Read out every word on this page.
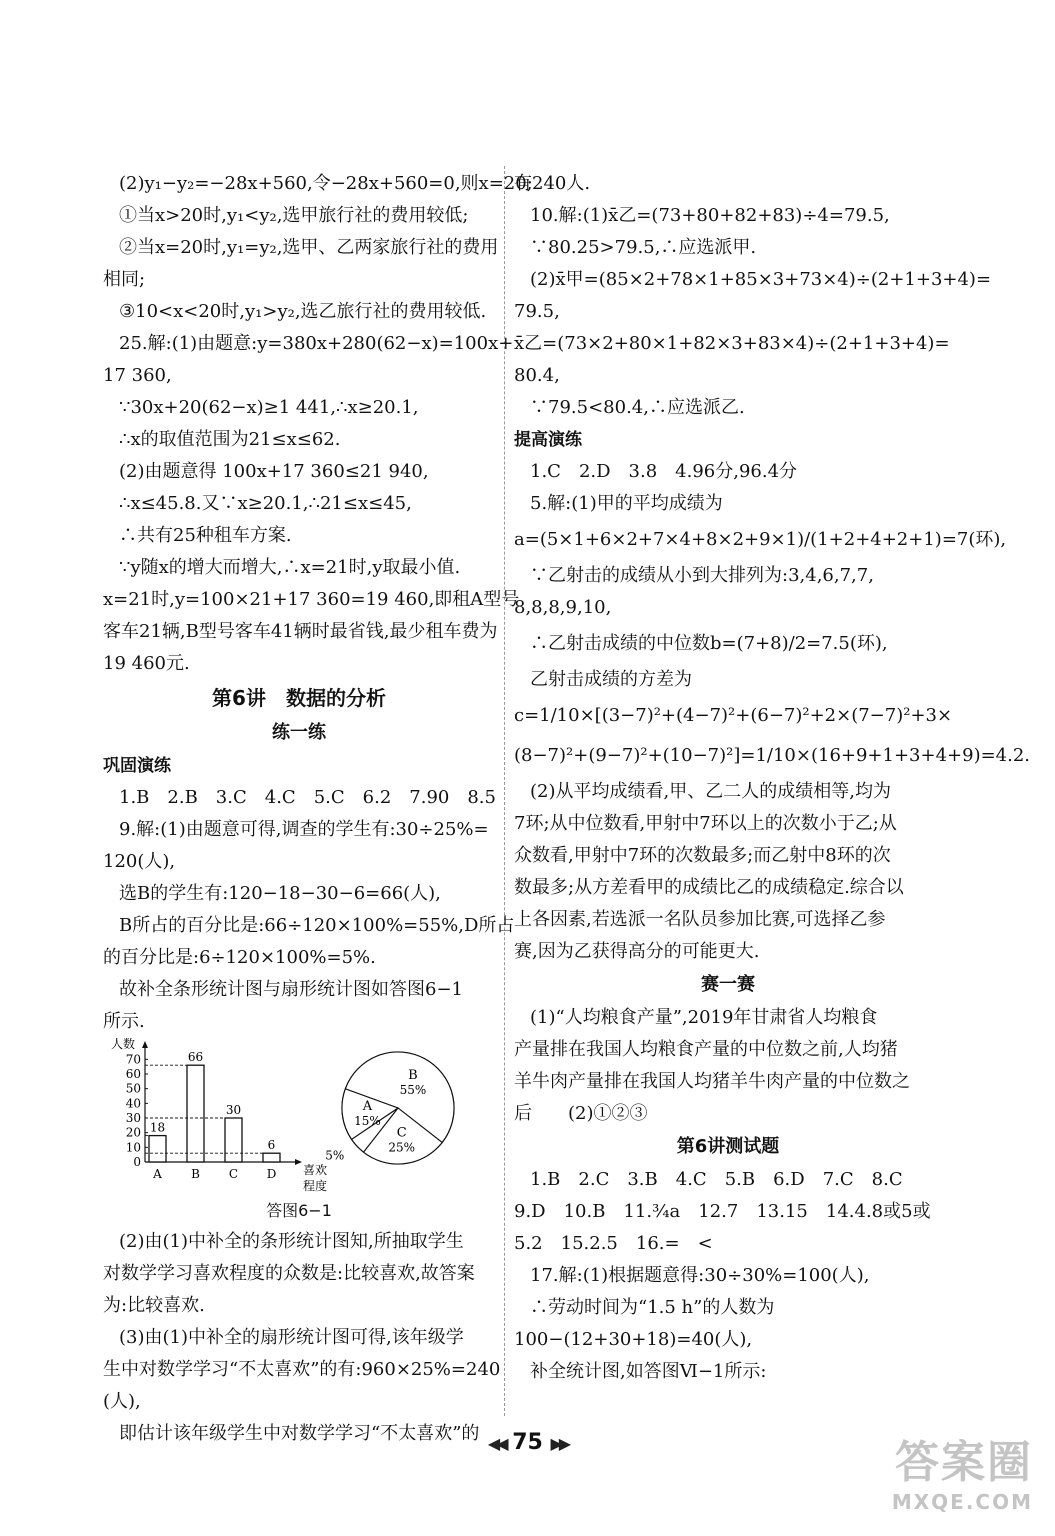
(2)y₁−y₂=−28x+560,令−28x+560=0,则x=20;
①当x>20时,y₁<y₂,选甲旅行社的费用较低;
②当x=20时,y₁=y₂,选甲、乙两家旅行社的费用
相同;
③10<x<20时,y₁>y₂,选乙旅行社的费用较低.
25.解:(1)由题意:y=380x+280(62−x)=100x+
17 360,
∵30x+20(62−x)≥1 441,∴x≥20.1,
∴x的取值范围为21≤x≤62.
(2)由题意得 100x+17 360≤21 940,
∴x≤45.8.又∵x≥20.1,∴21≤x≤45,
∴共有25种租车方案.
∵y随x的增大而增大,∴x=21时,y取最小值.
x=21时,y=100×21+17 360=19 460,即租A型号
客车21辆,B型号客车41辆时最省钱,最少租车费为
19 460元.
第6讲　数据的分析
练一练
巩固演练
1.B　2.B　3.C　4.C　5.C　6.2　7.90　8.5
9.解:(1)由题意可得,调查的学生有:30÷25%=
120(人),
选B的学生有:120−18−30−6=66(人),
B所占的百分比是:66÷120×100%=55%,D所占
的百分比是:6÷120×100%=5%.
故补全条形统计图与扇形统计图如答图6−1
所示.
人数
0
10
20
30
40
50
60
70
18
A
66
B
30
C
6
D 喜欢
程度
B
55%
C
25%
5%
A
15%
答图6−1
(2)由(1)中补全的条形统计图知,所抽取学生
对数学学习喜欢程度的众数是:比较喜欢,故答案
为:比较喜欢.
(3)由(1)中补全的扇形统计图可得,该年级学
生中对数学学习“不太喜欢”的有:960×25%=240
(人),
即估计该年级学生中对数学学习“不太喜欢”的
有240人.
10.解:(1)x̄乙=(73+80+82+83)÷4=79.5,
∵80.25>79.5,∴应选派甲.
(2)x̄甲=(85×2+78×1+85×3+73×4)÷(2+1+3+4)=
79.5,
x̄乙=(73×2+80×1+82×3+83×4)÷(2+1+3+4)=
80.4,
∵79.5<80.4,∴应选派乙.
提高演练
1.C　2.D　3.8　4.96分,96.4分
5.解:(1)甲的平均成绩为
a=(5×1+6×2+7×4+8×2+9×1)/(1+2+4+2+1)=7(环),
∵乙射击的成绩从小到大排列为:3,4,6,7,7,
8,8,8,9,10,
∴乙射击成绩的中位数b=(7+8)/2=7.5(环),
乙射击成绩的方差为
c=1/10×[(3−7)²+(4−7)²+(6−7)²+2×(7−7)²+3×
(8−7)²+(9−7)²+(10−7)²]=1/10×(16+9+1+3+4+9)=4.2.
(2)从平均成绩看,甲、乙二人的成绩相等,均为
7环;从中位数看,甲射中7环以上的次数小于乙;从
众数看,甲射中7环的次数最多;而乙射中8环的次
数最多;从方差看甲的成绩比乙的成绩稳定.综合以
上各因素,若选派一名队员参加比赛,可选择乙参
赛,因为乙获得高分的可能更大.
赛一赛
(1)“人均粮食产量”,2019年甘肃省人均粮食
产量排在我国人均粮食产量的中位数之前,人均猪
羊牛肉产量排在我国人均猪羊牛肉产量的中位数之
后　　(2)①②③
第6讲测试题
1.B　2.C　3.B　4.C　5.B　6.D　7.C　8.C
9.D　10.B　11.¾a　12.7　13.15　14.4.8或5或
5.2　15.2.5　16.=　<
17.解:(1)根据题意得:30÷30%=100(人),
∴劳动时间为“1.5 h”的人数为
100−(12+30+18)=40(人),
补全统计图,如答图Ⅵ−1所示:
◀◀ 75 ▶▶	答案圈
MXQE.COM
